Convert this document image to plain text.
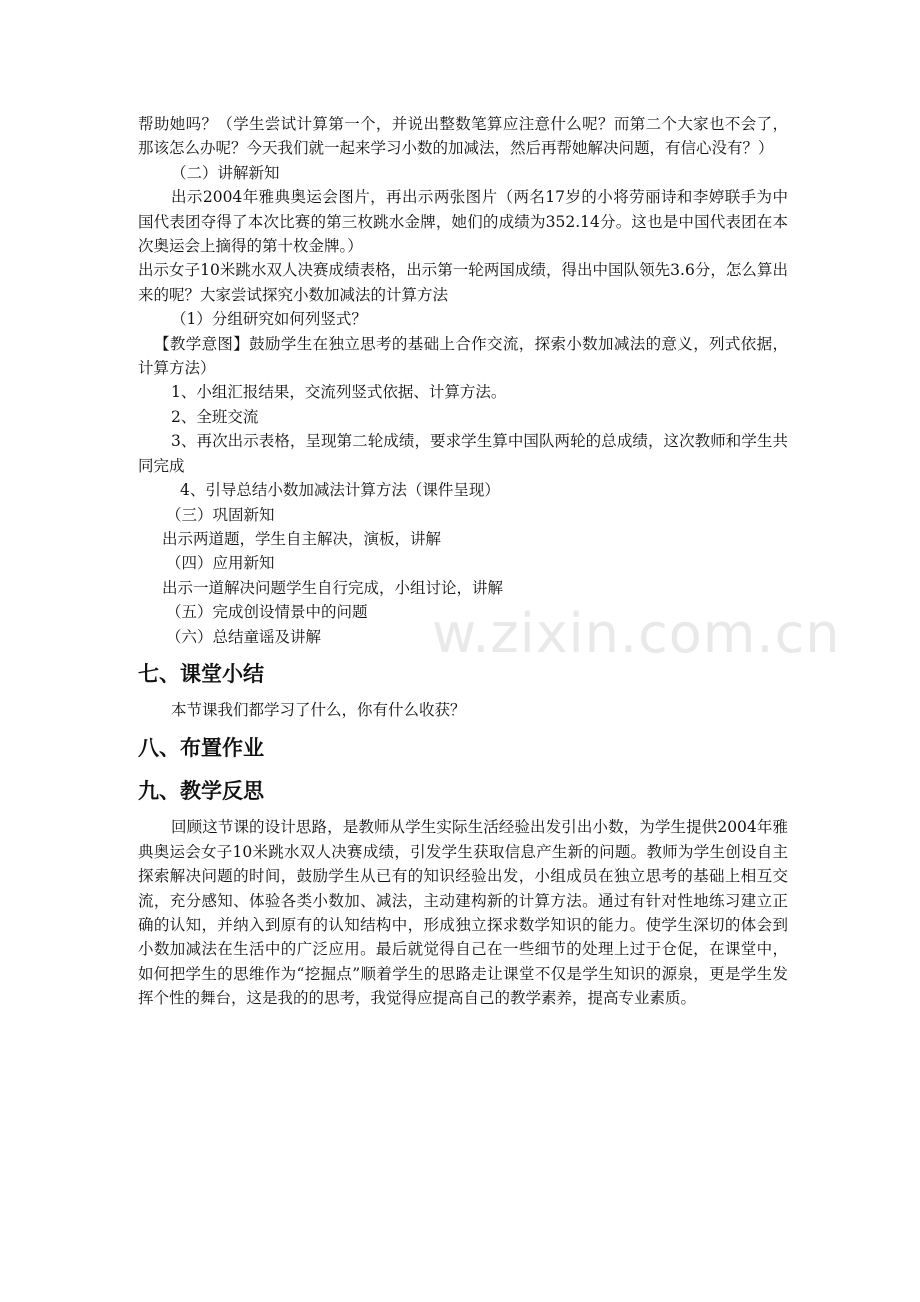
帮助她吗？（学生尝试计算第一个，并说出整数笔算应注意什么呢？而第二个大家也不会了，那该怎么办呢？今天我们就一起来学习小数的加减法，然后再帮她解决问题，有信心没有？）

（二）讲解新知

出示2004年雅典奥运会图片，再出示两张图片（两名17岁的小将劳丽诗和李婷联手为中国代表团夺得了本次比赛的第三枚跳水金牌，她们的成绩为352.14分。这也是中国代表团在本次奥运会上摘得的第十枚金牌。）

出示女子10米跳水双人决赛成绩表格，出示第一轮两国成绩，得出中国队领先3.6分，怎么算出来的呢？大家尝试探究小数加减法的计算方法

（1）分组研究如何列竖式？

【教学意图】鼓励学生在独立思考的基础上合作交流，探索小数加减法的意义，列式依据，计算方法）

1、小组汇报结果，交流列竖式依据、计算方法。

2、全班交流

3、再次出示表格，呈现第二轮成绩，要求学生算中国队两轮的总成绩，这次教师和学生共同完成

4、引导总结小数加减法计算方法（课件呈现）

（三）巩固新知

出示两道题，学生自主解决，演板，讲解

（四）应用新知

出示一道解决问题学生自行完成，小组讨论，讲解

（五）完成创设情景中的问题

（六）总结童谣及讲解

七、课堂小结

本节课我们都学习了什么，你有什么收获？

八、布置作业
九、教学反思

回顾这节课的设计思路，是教师从学生实际生活经验出发引出小数，为学生提供2004年雅典奥运会女子10米跳水双人决赛成绩，引发学生获取信息产生新的问题。教师为学生创设自主探索解决问题的时间，鼓励学生从已有的知识经验出发，小组成员在独立思考的基础上相互交流，充分感知、体验各类小数加、减法，主动建构新的计算方法。通过有针对性地练习建立正确的认知，并纳入到原有的认知结构中，形成独立探求数学知识的能力。使学生深切的体会到小数加减法在生活中的广泛应用。最后就觉得自己在一些细节的处理上过于仓促，在课堂中，如何把学生的思维作为“挖掘点”顺着学生的思路走让课堂不仅是学生知识的源泉，更是学生发挥个性的舞台，这是我的的思考，我觉得应提高自己的教学素养，提高专业素质。

w.zixin.com.cn
